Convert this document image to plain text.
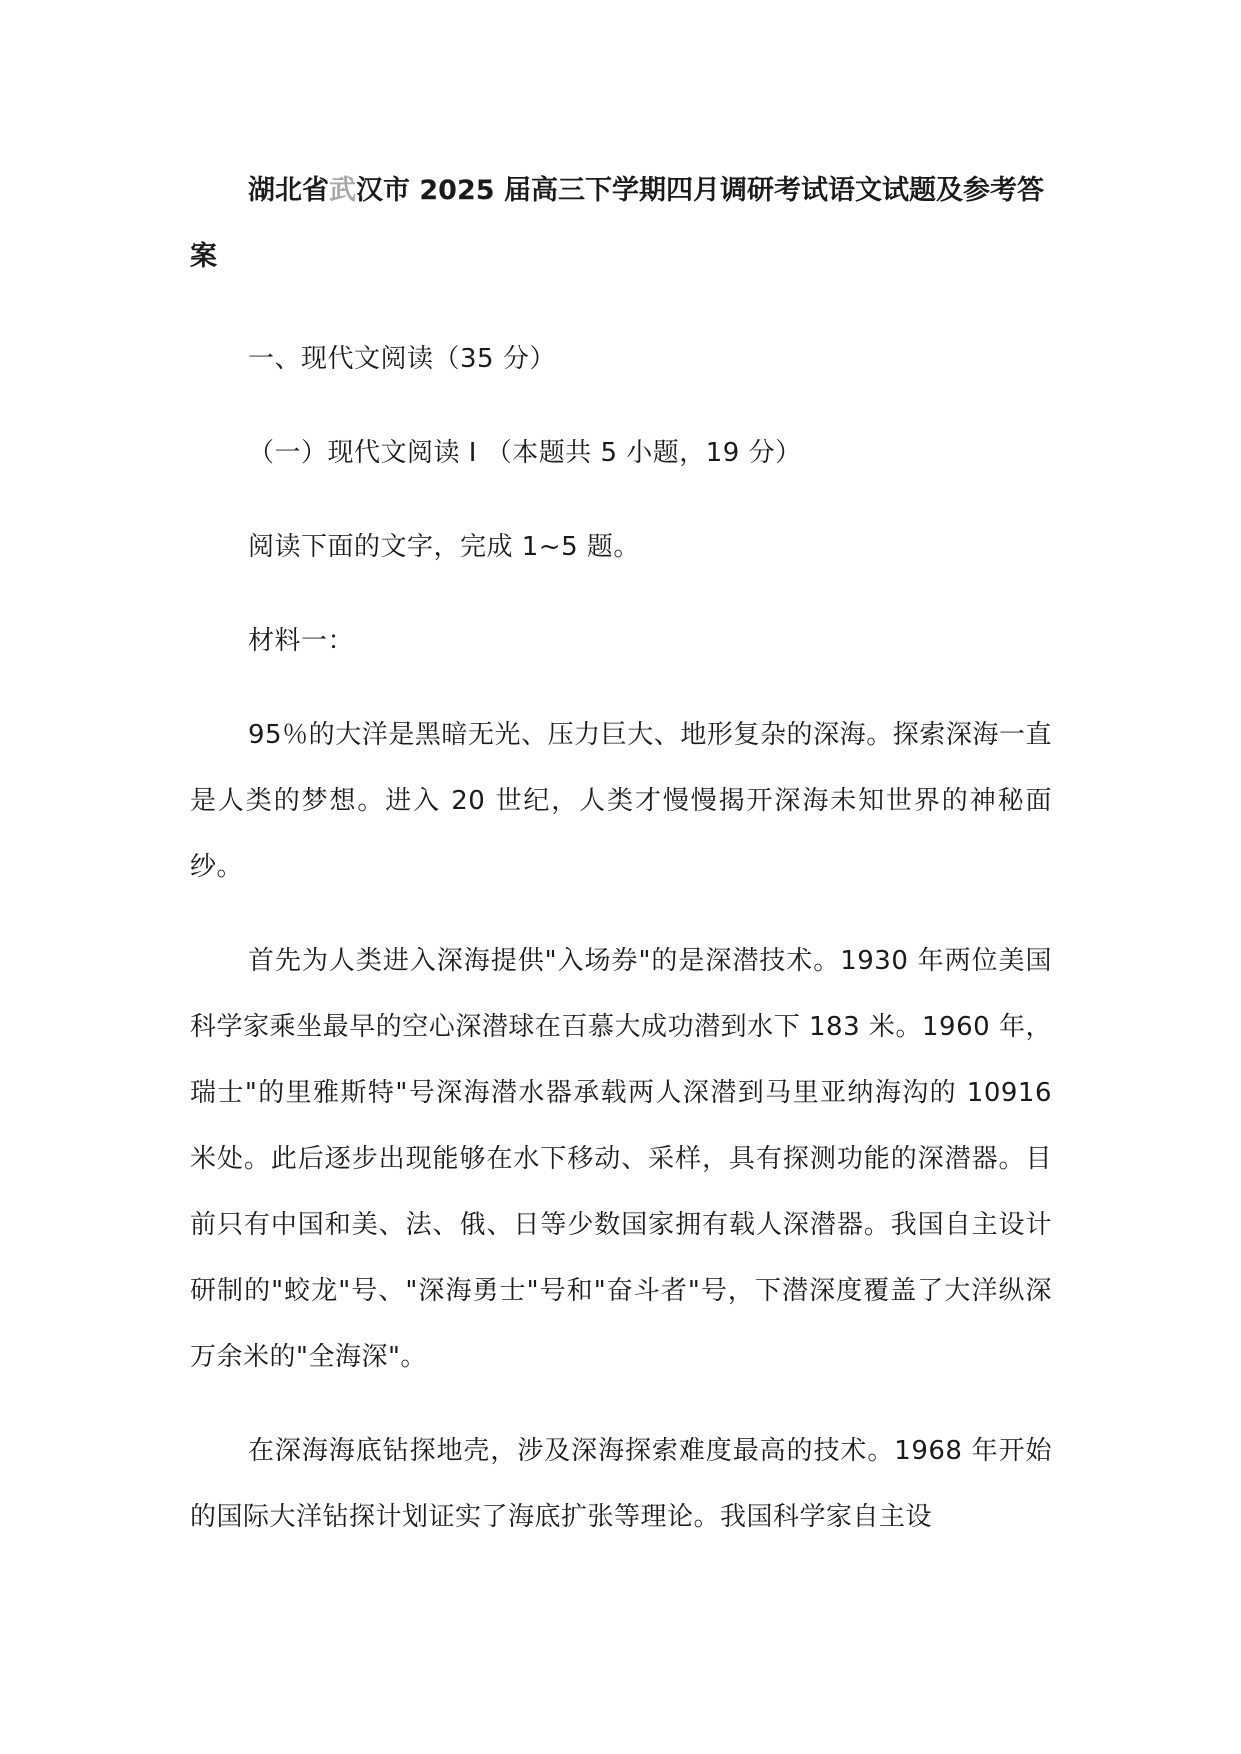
湖北省武汉市 2025 届高三下学期四月调研考试语文试题及参考答案
一、现代文阅读（35 分）
（一）现代文阅读 Ⅰ （本题共 5 小题，19 分）
阅读下面的文字，完成 1~5 题。
材料一：
95％的大洋是黑暗无光、压力巨大、地形复杂的深海。探索深海一直是人类的梦想。进入 20 世纪，人类才慢慢揭开深海未知世界的神秘面纱。
首先为人类进入深海提供"入场券"的是深潜技术。1930 年两位美国科学家乘坐最早的空心深潜球在百慕大成功潜到水下 183 米。1960 年，瑞士"的里雅斯特"号深海潜水器承载两人深潜到马里亚纳海沟的 10916 米处。此后逐步出现能够在水下移动、采样，具有探测功能的深潜器。目前只有中国和美、法、俄、日等少数国家拥有载人深潜器。我国自主设计研制的"蛟龙"号、"深海勇士"号和"奋斗者"号，下潜深度覆盖了大洋纵深万余米的"全海深"。
在深海海底钻探地壳，涉及深海探索难度最高的技术。1968 年开始的国际大洋钻探计划证实了海底扩张等理论。我国科学家自主设
